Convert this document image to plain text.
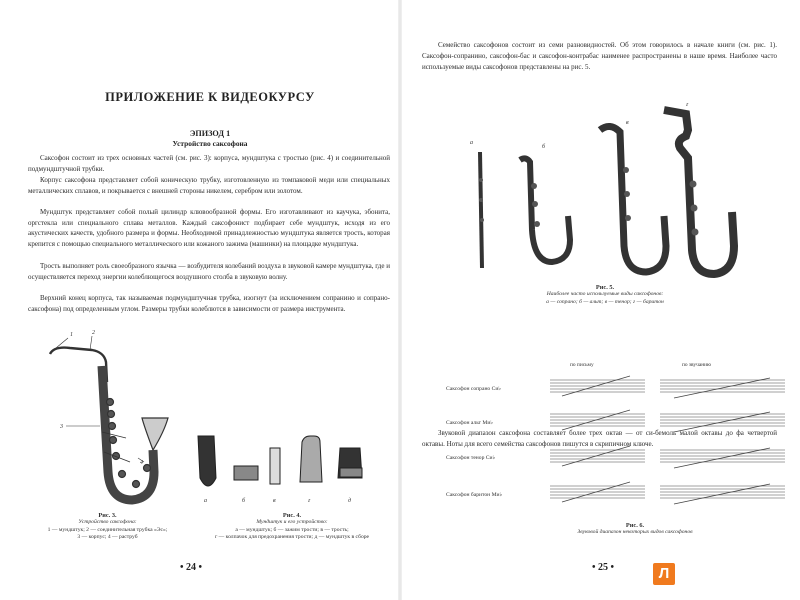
ПРИЛОЖЕНИЕ К ВИДЕОКУРСУ
ЭПИЗОД 1
Устройство саксофона

Саксофон состоит из трех основных частей (см. рис. 3): корпуса, мундштука с тростью (рис. 4) и соединительной подмундштучной трубки.

Корпус саксофона представляет собой коническую трубку, изготовленную из томпаковой меди или специальных металлических сплавов, и покрывается с внешней стороны никелем, серебром или золотом.

Мундштук представляет собой полый цилиндр клювообразной формы. Его изготавливают из каучука, эбонита, оргстекла или специального сплава металлов. Каждый саксофонист подбирает себе мундштук, исходя из его акустических качеств, удобного размера и формы. Необходимой принадлежностью мундштука является трость, которая крепится с помощью специального металлического или кожаного зажима (машинки) на площадке мундштука.

Трость выполняет роль своеобразного язычка — возбудителя колебаний воздуха в звуковой камере мундштука, где и осуществляется переход энергии колеблющегося воздушного столба в звуковую волну.

Верхний конец корпуса, так называемая подмундштучная трубка, изогнут (за исключением сопранино и сопрано-саксофона) под определенным углом. Размеры трубки колеблются в зависимости от размера инструмента.

1	2
3
4
Рис. 3.
Устройство саксофона:
1 — мундштук; 2 — соединительная трубка «Эс»;
3 — корпус; 4 — раструб
а	б	в	г	д
Рис. 4.
Мундштук и его устройство:
а — мундштук; б — зажим трости; в — трость;
г — колпачок для предохранения трости; д — мундштук в сборе
• 24 •

Семейство саксофонов состоит из семи разновидностей. Об этом говорилось в начале книги (см. рис. 1). Саксофон-сопранино, саксофон-бас и саксофон-контрабас наименее распространены в наше время. Наиболее часто используемые виды саксофонов представлены на рис. 5.

а
б
в
г
Рис. 5.
Наиболее часто используемые виды саксофонов:
а — сопрано; б — альт; в — тенор; г — баритон

Звуковой диапазон саксофона составляет более трех октав — от си-бемоль малой октавы до фа четвертой октавы. Ноты для всего семейства саксофонов пишутся в скрипичном ключе.

по письму	по звучанию
Саксофон сопрано Си♭
Саксофон альт Ми♭
Саксофон тенор Си♭
Саксофон баритон Ми♭
Рис. 6.
Звуковой диапазон некоторых видов саксофонов
• 25 •	Л
